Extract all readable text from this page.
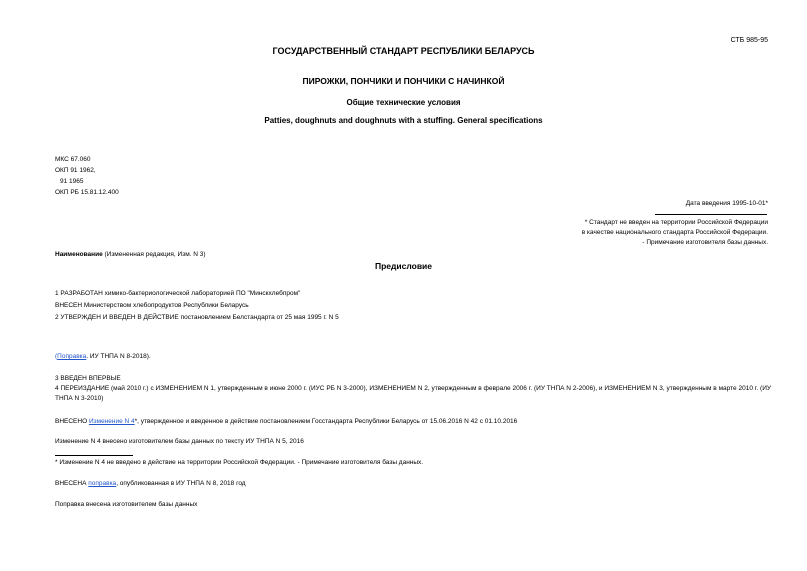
СТБ 985-95
ГОСУДАРСТВЕННЫЙ СТАНДАРТ РЕСПУБЛИКИ БЕЛАРУСЬ
ПИРОЖКИ, ПОНЧИКИ И ПОНЧИКИ С НАЧИНКОЙ
Общие технические условия
Patties, doughnuts and doughnuts with a stuffing. General specifications
МКС 67.060
ОКП 91 1962,
91 1965
ОКП РБ 15.81.12.400
Дата введения 1995-10-01*
* Стандарт не введен на территории Российской Федерации
в качестве национального стандарта Российской Федерации.
- Примечание изготовителя базы данных.
Наименование (Измененная редакция, Изм. N 3)
Предисловие
1 РАЗРАБОТАН химико-бактериологической лабораторией ПО "Минскхлебпром"
ВНЕСЕН Министерством хлебопродуктов Республики Беларусь
2 УТВЕРЖДЕН И ВВЕДЕН В ДЕЙСТВИЕ постановлением Белстандарта от 25 мая 1995 г. N 5
(Поправка. ИУ ТНПА N 8-2018).
3 ВВЕДЕН ВПЕРВЫЕ
4 ПЕРЕИЗДАНИЕ (май 2010 г.) с ИЗМЕНЕНИЕМ N 1, утвержденным в июне 2000 г. (ИУС РБ N 3-2000), ИЗМЕНЕНИЕМ N 2, утвержденным в феврале 2006 г. (ИУ ТНПА N 2-2006), и ИЗМЕНЕНИЕМ N 3, утвержденным в марте 2010 г. (ИУ ТНПА N 3-2010)
ВНЕСЕНО Изменение N 4*, утвержденное и введенное в действие постановлением Госстандарта Республики Беларусь от 15.06.2016 N 42 с 01.10.2016
Изменение N 4 внесено изготовителем базы данных по тексту ИУ ТНПА N 5, 2016
* Изменение N 4 не введено в действие на территории Российской Федерации. - Примечание изготовителя базы данных.
ВНЕСЕНА поправка, опубликованная в ИУ ТНПА N 8, 2018 год
Поправка внесена изготовителем базы данных
